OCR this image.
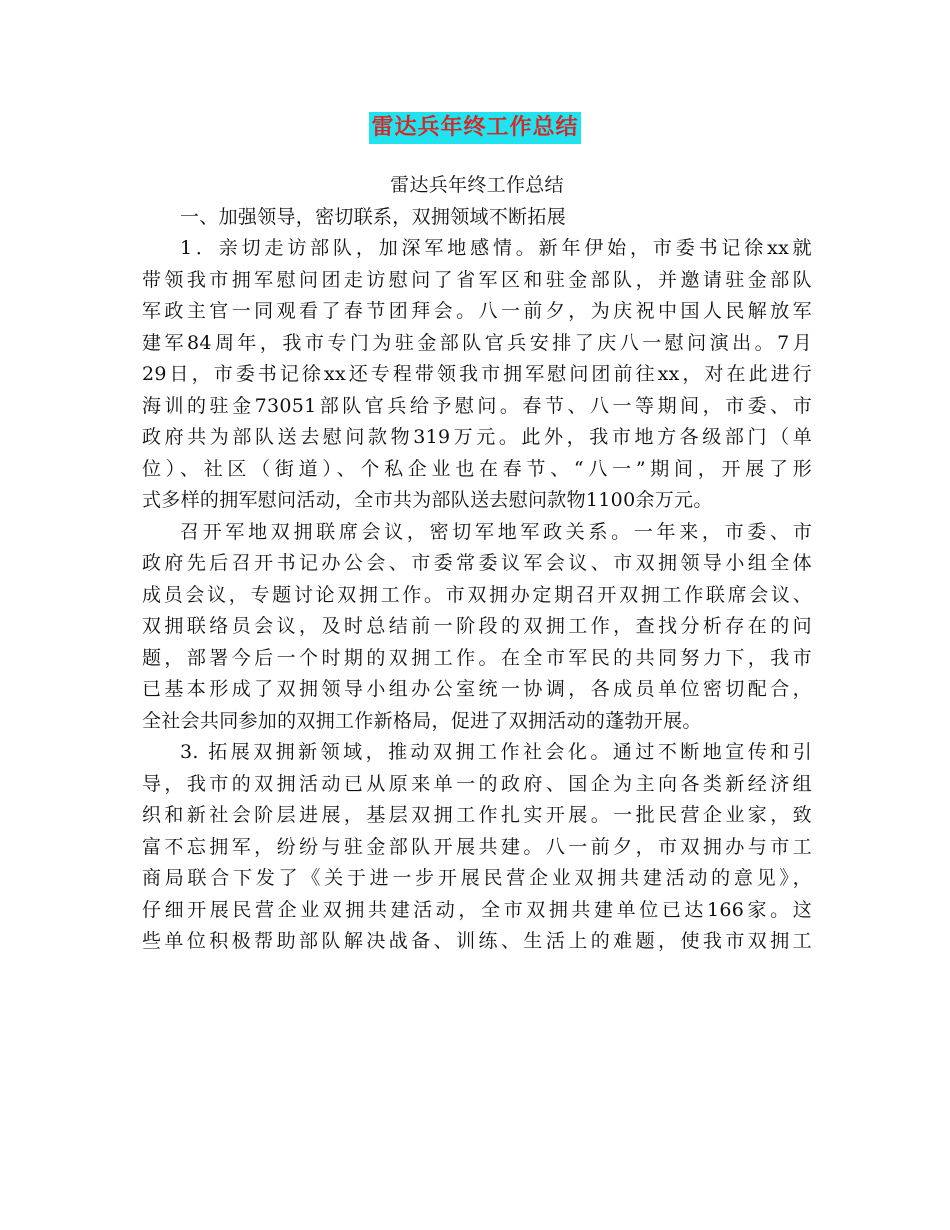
雷达兵年终工作总结
雷达兵年终工作总结
一、加强领导，密切联系，双拥领域不断拓展
1．亲切走访部队，加深军地感情。新年伊始，市委书记徐xx就
带领我市拥军慰问团走访慰问了省军区和驻金部队，并邀请驻金部队
军政主官一同观看了春节团拜会。八一前夕，为庆祝中国人民解放军
建军84周年，我市专门为驻金部队官兵安排了庆八一慰问演出。7月
29日，市委书记徐xx还专程带领我市拥军慰问团前往xx，对在此进行
海训的驻金73051部队官兵给予慰问。春节、八一等期间，市委、市
政府共为部队送去慰问款物319万元。此外，我市地方各级部门（单
位）、社区（街道）、个私企业也在春节、“八一”期间，开展了形
式多样的拥军慰问活动，全市共为部队送去慰问款物1100余万元。
召开军地双拥联席会议，密切军地军政关系。一年来，市委、市
政府先后召开书记办公会、市委常委议军会议、市双拥领导小组全体
成员会议，专题讨论双拥工作。市双拥办定期召开双拥工作联席会议、
双拥联络员会议，及时总结前一阶段的双拥工作，查找分析存在的问
题，部署今后一个时期的双拥工作。在全市军民的共同努力下，我市
已基本形成了双拥领导小组办公室统一协调，各成员单位密切配合，
全社会共同参加的双拥工作新格局，促进了双拥活动的蓬勃开展。
3. 拓展双拥新领域，推动双拥工作社会化。通过不断地宣传和引
导，我市的双拥活动已从原来单一的政府、国企为主向各类新经济组
织和新社会阶层进展，基层双拥工作扎实开展。一批民营企业家，致
富不忘拥军，纷纷与驻金部队开展共建。八一前夕，市双拥办与市工
商局联合下发了《关于进一步开展民营企业双拥共建活动的意见》，
仔细开展民营企业双拥共建活动，全市双拥共建单位已达166家。这
些单位积极帮助部队解决战备、训练、生活上的难题，使我市双拥工
